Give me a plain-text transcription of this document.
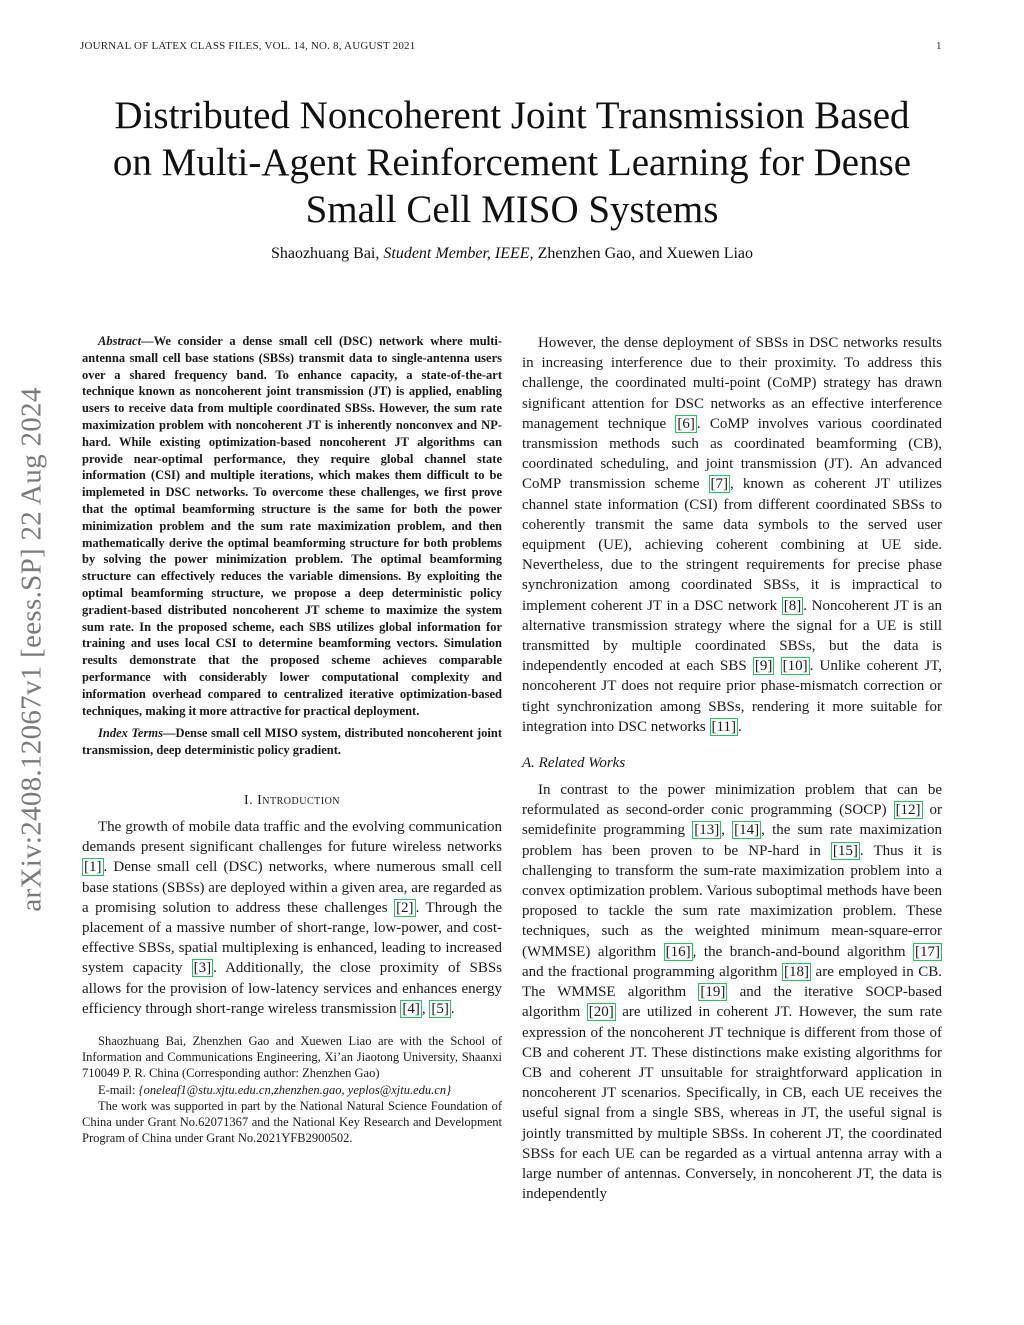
JOURNAL OF LATEX CLASS FILES, VOL. 14, NO. 8, AUGUST 2021	1
Distributed Noncoherent Joint Transmission Based
on Multi-Agent Reinforcement Learning for Dense
Small Cell MISO Systems
Shaozhuang Bai, Student Member, IEEE, Zhenzhen Gao, and Xuewen Liao
arXiv:2408.12067v1 [eess.SP] 22 Aug 2024

Abstract—We consider a dense small cell (DSC) network where multi-antenna small cell base stations (SBSs) transmit data to single-antenna users over a shared frequency band. To enhance capacity, a state-of-the-art technique known as noncoherent joint transmission (JT) is applied, enabling users to receive data from multiple coordinated SBSs. However, the sum rate maximization problem with noncoherent JT is inherently nonconvex and NP-hard. While existing optimization-based noncoherent JT algorithms can provide near-optimal performance, they require global channel state information (CSI) and multiple iterations, which makes them difficult to be implemeted in DSC networks. To overcome these challenges, we first prove that the optimal beamforming structure is the same for both the power minimization problem and the sum rate maximization problem, and then mathematically derive the optimal beamforming structure for both problems by solving the power minimization problem. The optimal beamforming structure can effectively reduces the variable dimensions. By exploiting the optimal beamforming structure, we propose a deep deterministic policy gradient-based distributed noncoherent JT scheme to maximize the system sum rate. In the proposed scheme, each SBS utilizes global information for training and uses local CSI to determine beamforming vectors. Simulation results demonstrate that the proposed scheme achieves comparable performance with considerably lower computational complexity and information overhead compared to centralized iterative optimization-based techniques, making it more attractive for practical deployment.

Index Terms—Dense small cell MISO system, distributed noncoherent joint transmission, deep deterministic policy gradient.

I. Introduction

The growth of mobile data traffic and the evolving communication demands present significant challenges for future wireless networks [1] . Dense small cell (DSC) networks, where numerous small cell base stations (SBSs) are deployed within a given area, are regarded as a promising solution to address these challenges [2] . Through the placement of a massive number of short-range, low-power, and cost-effective SBSs, spatial multiplexing is enhanced, leading to increased system capacity [3] . Additionally, the close proximity of SBSs allows for the provision of low-latency services and enhances energy efficiency through short-range wireless transmission [4] , [5] .

Shaozhuang Bai, Zhenzhen Gao and Xuewen Liao are with the School of Information and Communications Engineering, Xi’an Jiaotong University, Shaanxi 710049 P. R. China (Corresponding author: Zhenzhen Gao)

E-mail: {oneleaf1@stu.xjtu.edu.cn,zhenzhen.gao, yeplos@xjtu.edu.cn}

The work was supported in part by the National Natural Science Foundation of China under Grant No.62071367 and the National Key Research and Development Program of China under Grant No.2021YFB2900502.

However, the dense deployment of SBSs in DSC networks results in increasing interference due to their proximity. To address this challenge, the coordinated multi-point (CoMP) strategy has drawn significant attention for DSC networks as an effective interference management technique [6] . CoMP involves various coordinated transmission methods such as coordinated beamforming (CB), coordinated scheduling, and joint transmission (JT). An advanced CoMP transmission scheme [7] , known as coherent JT utilizes channel state information (CSI) from different coordinated SBSs to coherently transmit the same data symbols to the served user equipment (UE), achieving coherent combining at UE side. Nevertheless, due to the stringent requirements for precise phase synchronization among coordinated SBSs, it is impractical to implement coherent JT in a DSC network [8] . Noncoherent JT is an alternative transmission strategy where the signal for a UE is still transmitted by multiple coordinated SBSs, but the data is independently encoded at each SBS [9] [10] . Unlike coherent JT, noncoherent JT does not require prior phase-mismatch correction or tight synchronization among SBSs, rendering it more suitable for integration into DSC networks [11] .

A. Related Works

In contrast to the power minimization problem that can be reformulated as second-order conic programming (SOCP) [12] or semidefinite programming [13] , [14] , the sum rate maximization problem has been proven to be NP-hard in [15] . Thus it is challenging to transform the sum-rate maximization problem into a convex optimization problem. Various suboptimal methods have been proposed to tackle the sum rate maximization problem. These techniques, such as the weighted minimum mean-square-error (WMMSE) algorithm [16] , the branch-and-bound algorithm [17] and the fractional programming algorithm [18] are employed in CB. The WMMSE algorithm [19] and the iterative SOCP-based algorithm [20] are utilized in coherent JT. However, the sum rate expression of the noncoherent JT technique is different from those of CB and coherent JT. These distinctions make existing algorithms for CB and coherent JT unsuitable for straightforward application in noncoherent JT scenarios. Specifically, in CB, each UE receives the useful signal from a single SBS, whereas in JT, the useful signal is jointly transmitted by multiple SBSs. In coherent JT, the coordinated SBSs for each UE can be regarded as a virtual antenna array with a large number of antennas. Conversely, in noncoherent JT, the data is independently
